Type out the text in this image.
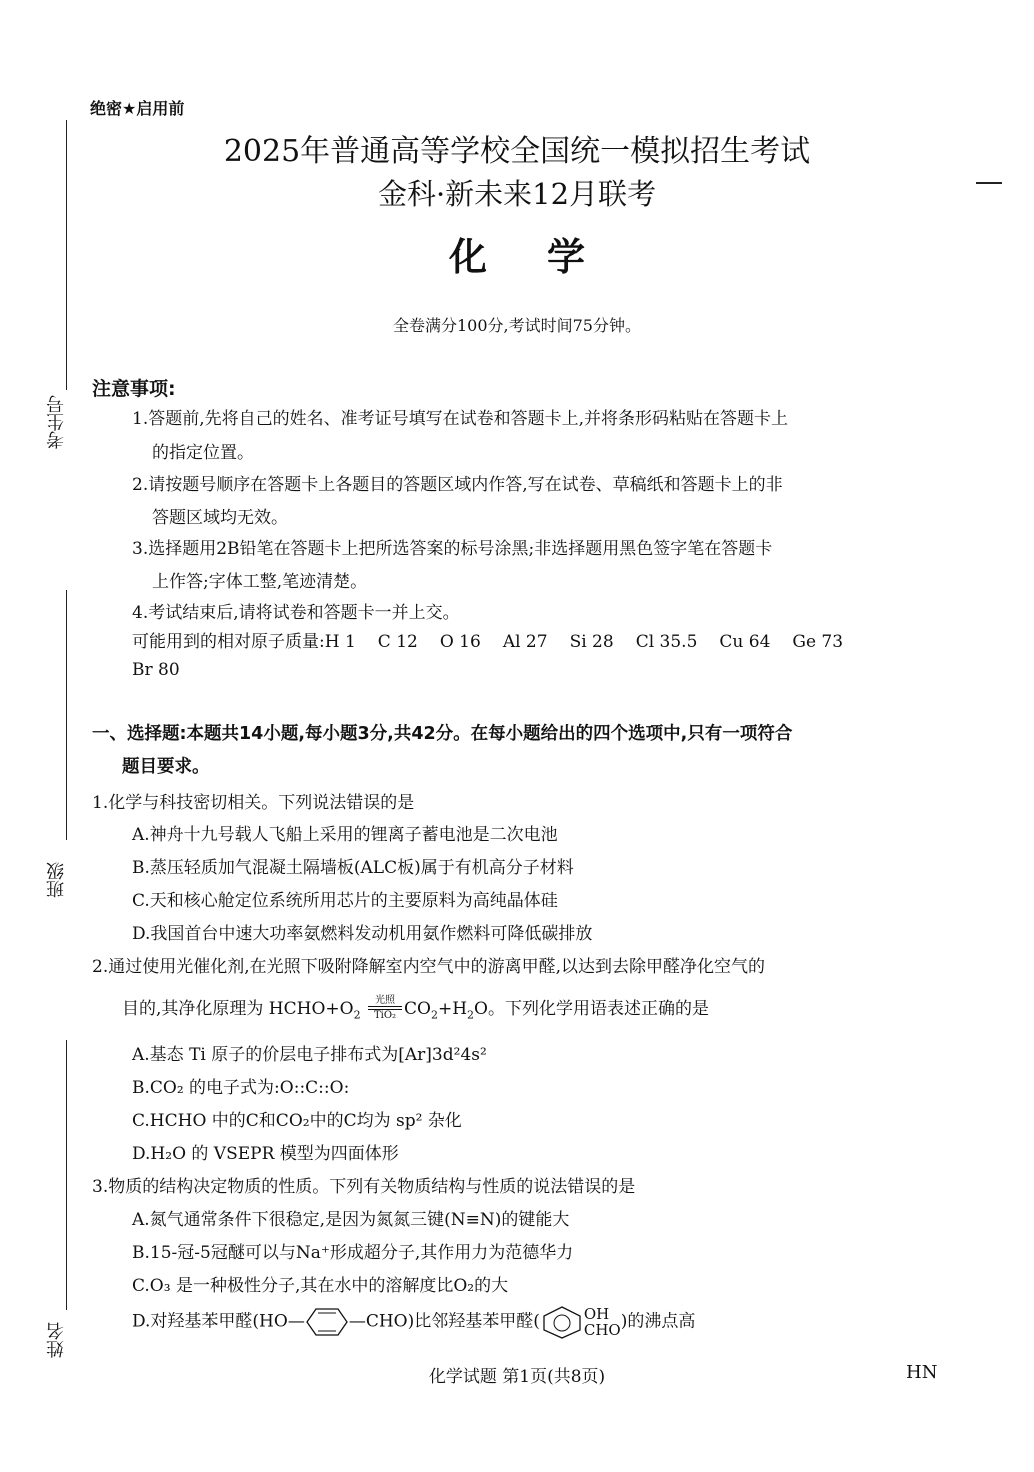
考生号
班级
姓名
绝密★启用前
2025年普通高等学校全国统一模拟招生考试
金科·新未来12月联考
化学
全卷满分100分,考试时间75分钟。
注意事项:
1.答题前,先将自己的姓名、准考证号填写在试卷和答题卡上,并将条形码粘贴在答题卡上
的指定位置。
2.请按题号顺序在答题卡上各题目的答题区域内作答,写在试卷、草稿纸和答题卡上的非
答题区域均无效。
3.选择题用2B铅笔在答题卡上把所选答案的标号涂黑;非选择题用黑色签字笔在答题卡
上作答;字体工整,笔迹清楚。
4.考试结束后,请将试卷和答题卡一并上交。
可能用到的相对原子质量:H 1 C 12 O 16 Al 27 Si 28 Cl 35.5 Cu 64 Ge 73
Br 80
一、选择题:本题共14小题,每小题3分,共42分。在每小题给出的四个选项中,只有一项符合
题目要求。
1.化学与科技密切相关。下列说法错误的是
A.神舟十九号载人飞船上采用的锂离子蓄电池是二次电池
B.蒸压轻质加气混凝土隔墙板(ALC板)属于有机高分子材料
C.天和核心舱定位系统所用芯片的主要原料为高纯晶体硅
D.我国首台中速大功率氨燃料发动机用氨作燃料可降低碳排放
2.通过使用光催化剂,在光照下吸附降解室内空气中的游离甲醛,以达到去除甲醛净化空气的
目的,其净化原理为 $HCHO+O_2$
光照
TiO₂ $CO_2+H_2O$。下列化学用语表述正确的是
A.基态 Ti 原子的价层电子排布式为[Ar]3d²4s²
B.CO₂ 的电子式为:O::C::O:
C.HCHO 中的C和CO₂中的C均为 sp² 杂化
D.H₂O 的 VSEPR 模型为四面体形
3.物质的结构决定物质的性质。下列有关物质结构与性质的说法错误的是
A.氮气通常条件下很稳定,是因为氮氮三键(N≡N)的键能大
B.15-冠-5冠醚可以与Na⁺形成超分子,其作用力为范德华力
C.O₃ 是一种极性分子,其在水中的溶解度比O₂的大
D.对羟基苯甲醛(HO—	—CHO)比邻羟基苯甲醛(	OH
CHO )的沸点高
化学试题 第1页(共8页)	HN
